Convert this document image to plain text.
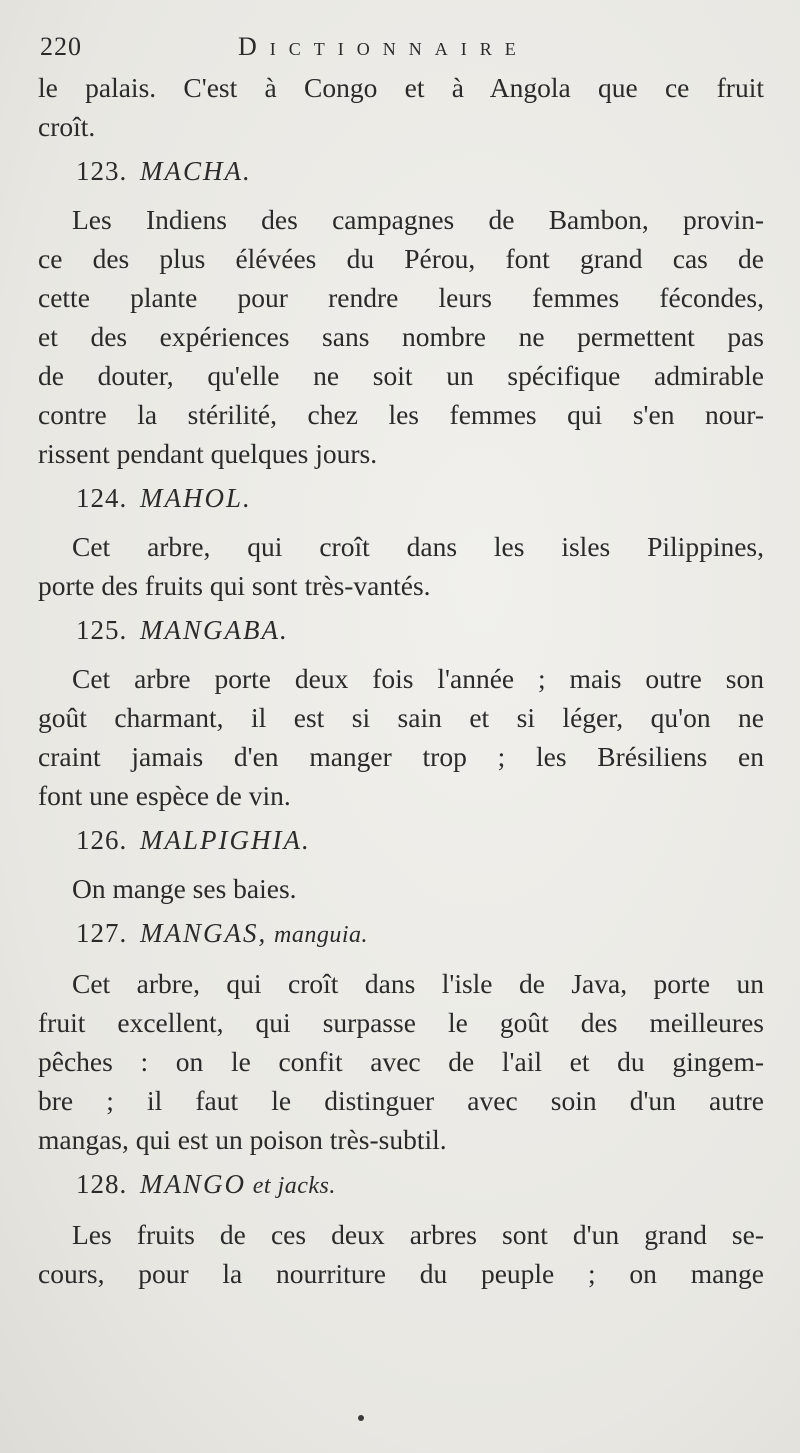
220	Dictionnaire

le palais. C'est à Congo et à Angola que ce fruit
croît.

123. MACHA.

Les Indiens des campagnes de Bambon, provin-
ce des plus élévées du Pérou, font grand cas de
cette plante pour rendre leurs femmes fécondes,
et des expériences sans nombre ne permettent pas
de douter, qu'elle ne soit un spécifique admirable
contre la stérilité, chez les femmes qui s'en nour-
rissent pendant quelques jours.

124. MAHOL.

Cet arbre, qui croît dans les isles Pilippines,
porte des fruits qui sont très-vantés.

125. MANGABA.

Cet arbre porte deux fois l'année ; mais outre son
goût charmant, il est si sain et si léger, qu'on ne
craint jamais d'en manger trop ; les Brésiliens en
font une espèce de vin.

126. MALPIGHIA.

On mange ses baies.

127. MANGAS, manguia.

Cet arbre, qui croît dans l'isle de Java, porte un
fruit excellent, qui surpasse le goût des meilleures
pêches : on le confit avec de l'ail et du gingem-
bre ; il faut le distinguer avec soin d'un autre
mangas, qui est un poison très-subtil.

128. MANGO et jacks.

Les fruits de ces deux arbres sont d'un grand se-
cours, pour la nourriture du peuple ; on mange
